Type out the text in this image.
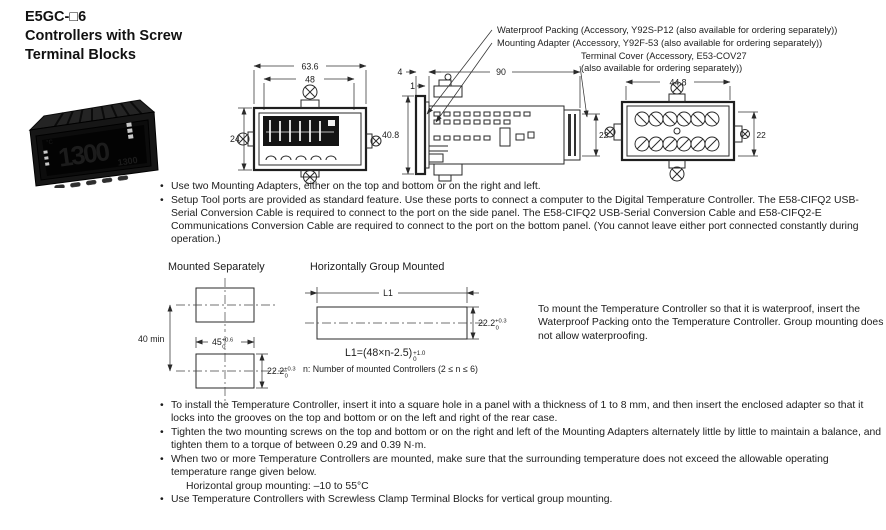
E5GC-□6
Controllers with Screw
Terminal Blocks
1300
°C
1300
Waterproof Packing (Accessory, Y92S-P12 (also available for ordering separately))
Mounting Adapter (Accessory, Y92F-53 (also available for ordering separately))
Terminal Cover (Accessory, E53-COV27
(also available for ordering separately))
63.6
48
24	40.8
4
1
90
22
44.8
22
• Use two Mounting Adapters, either on the top and bottom or on the right and left.
• Setup Tool ports are provided as standard feature. Use these ports to connect a computer to the Digital Temperature Controller. The E58-CIFQ2 USB-Serial Conversion Cable is required to connect to the port on the side panel. The E58-CIFQ2 USB-Serial Conversion Cable and E58-CIFQ2-E Communications Conversion Cable are required to connect to the port on the bottom panel. (You cannot leave either port connected constantly during operation.)
Mounted Separately	Horizontally Group Mounted
40 min	$45^{+0.6}$ 0
$22.2^{+0.3}$ 0
L1
$22.2^{+0.3}$ 0
L1=(48×n-2.5) +1.0
0
n: Number of mounted Controllers (2 ≤ n ≤ 6)
To mount the Temperature Controller so that it is waterproof, insert the Waterproof Packing onto the Temperature Controller. Group mounting does not allow waterproofing.
• To install the Temperature Controller, insert it into a square hole in a panel with a thickness of 1 to 8 mm, and then insert the enclosed adapter so that it locks into the grooves on the top and bottom or on the left and right of the rear case.
• Tighten the two mounting screws on the top and bottom or on the right and left of the Mounting Adapters alternately little by little to maintain a balance, and tighten them to a torque of between 0.29 and 0.39 N·m.
• When two or more Temperature Controllers are mounted, make sure that the surrounding temperature does not exceed the allowable operating temperature range given below.
Horizontal group mounting: –10 to 55°C
• Use Temperature Controllers with Screwless Clamp Terminal Blocks for vertical group mounting.
